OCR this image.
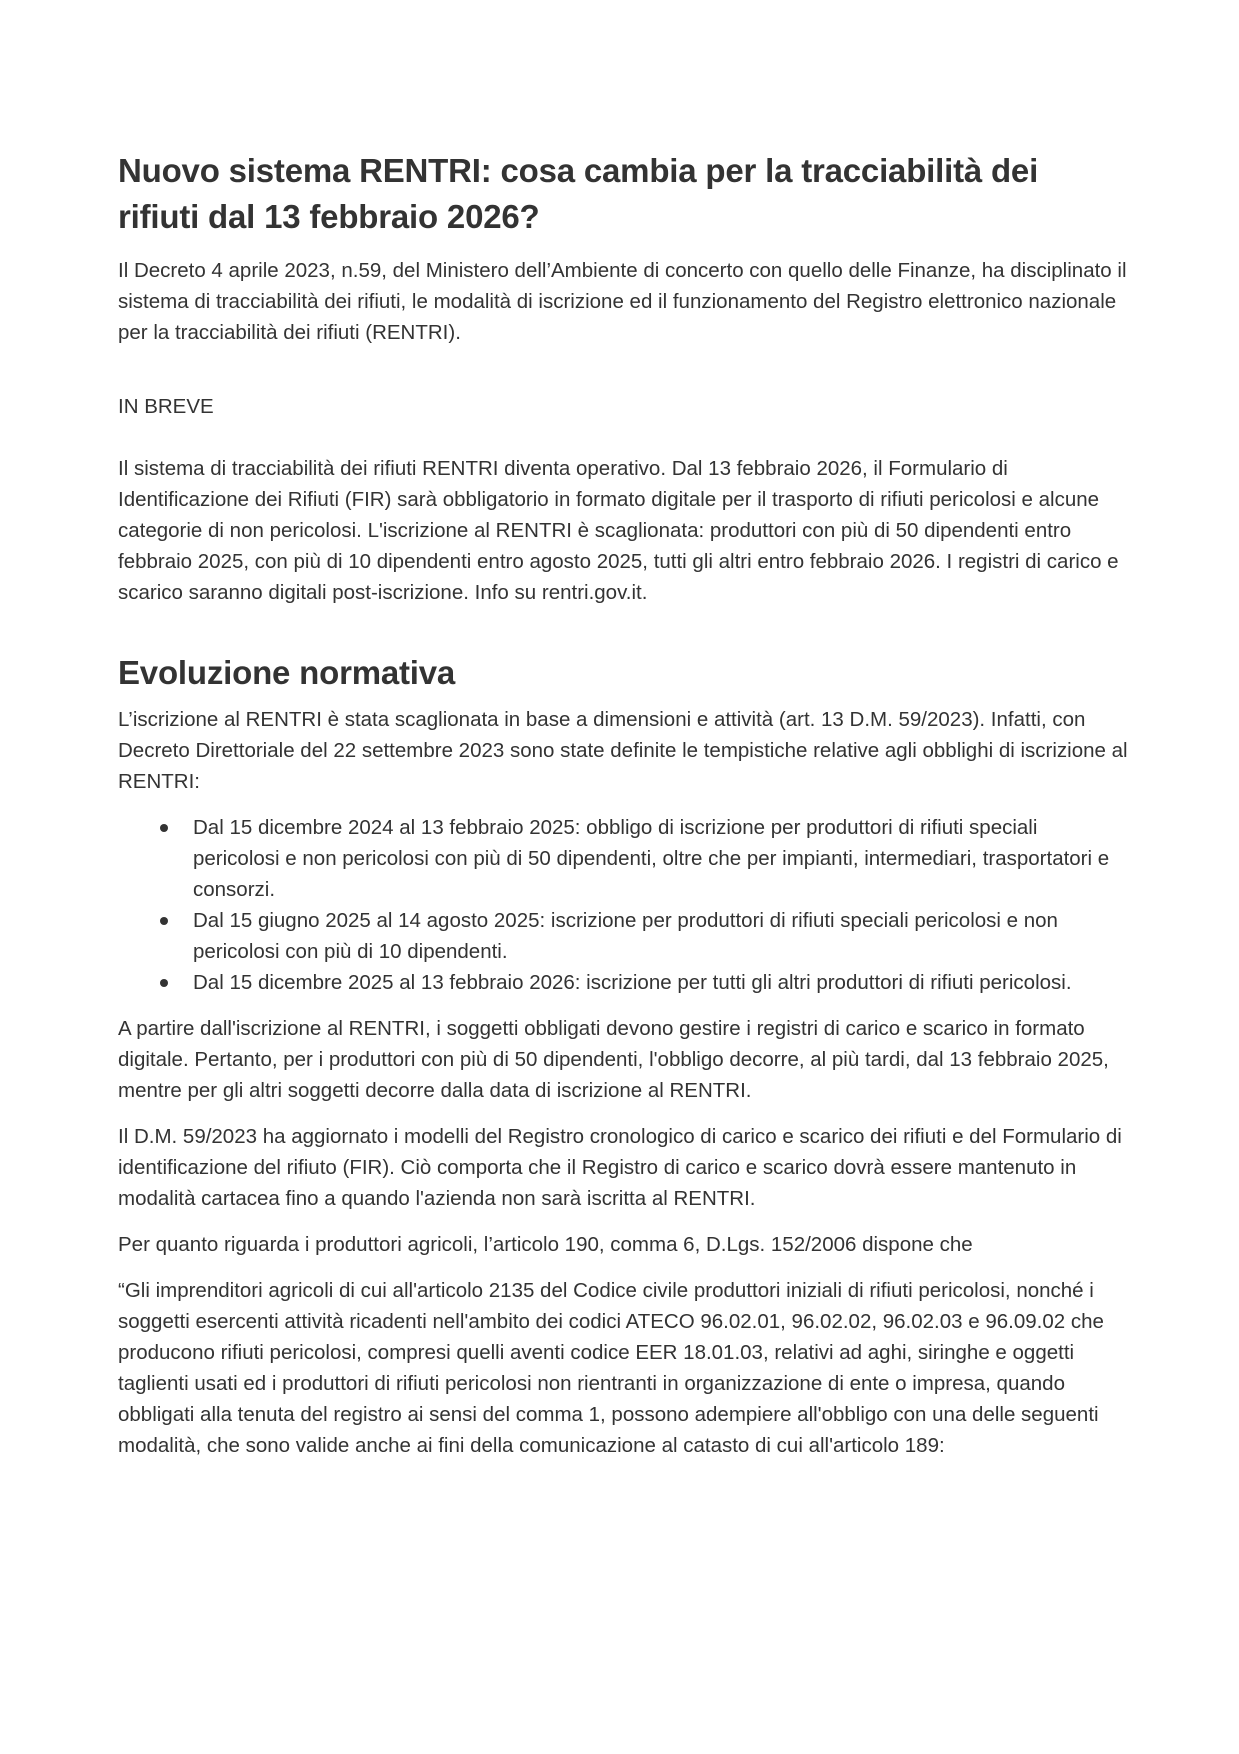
Nuovo sistema RENTRI: cosa cambia per la tracciabilità dei rifiuti dal 13 febbraio 2026?

Il Decreto 4 aprile 2023, n.59, del Ministero dell’Ambiente di concerto con quello delle Finanze, ha disciplinato il sistema di tracciabilità dei rifiuti, le modalità di iscrizione ed il funzionamento del Registro elettronico nazionale per la tracciabilità dei rifiuti (RENTRI).

IN BREVE

Il sistema di tracciabilità dei rifiuti RENTRI diventa operativo. Dal 13 febbraio 2026, il Formulario di Identificazione dei Rifiuti (FIR) sarà obbligatorio in formato digitale per il trasporto di rifiuti pericolosi e alcune categorie di non pericolosi. L'iscrizione al RENTRI è scaglionata: produttori con più di 50 dipendenti entro febbraio 2025, con più di 10 dipendenti entro agosto 2025, tutti gli altri entro febbraio 2026. I registri di carico e scarico saranno digitali post-iscrizione. Info su rentri.gov.it.

Evoluzione normativa

L’iscrizione al RENTRI è stata scaglionata in base a dimensioni e attività (art. 13 D.M. 59/2023). Infatti, con Decreto Direttoriale del 22 settembre 2023 sono state definite le tempistiche relative agli obblighi di iscrizione al RENTRI:

Dal 15 dicembre 2024 al 13 febbraio 2025: obbligo di iscrizione per produttori di rifiuti speciali pericolosi e non pericolosi con più di 50 dipendenti, oltre che per impianti, intermediari, trasportatori e consorzi.
Dal 15 giugno 2025 al 14 agosto 2025: iscrizione per produttori di rifiuti speciali pericolosi e non pericolosi con più di 10 dipendenti.
Dal 15 dicembre 2025 al 13 febbraio 2026: iscrizione per tutti gli altri produttori di rifiuti pericolosi.

A partire dall'iscrizione al RENTRI, i soggetti obbligati devono gestire i registri di carico e scarico in formato digitale. Pertanto, per i produttori con più di 50 dipendenti, l'obbligo decorre, al più tardi, dal 13 febbraio 2025, mentre per gli altri soggetti decorre dalla data di iscrizione al RENTRI.

Il D.M. 59/2023 ha aggiornato i modelli del Registro cronologico di carico e scarico dei rifiuti e del Formulario di identificazione del rifiuto (FIR). Ciò comporta che il Registro di carico e scarico dovrà essere mantenuto in modalità cartacea fino a quando l'azienda non sarà iscritta al RENTRI.

Per quanto riguarda i produttori agricoli, l’articolo 190, comma 6, D.Lgs. 152/2006 dispone che

“Gli imprenditori agricoli di cui all'articolo 2135 del Codice civile produttori iniziali di rifiuti pericolosi, nonché i soggetti esercenti attività ricadenti nell'ambito dei codici ATECO 96.02.01, 96.02.02, 96.02.03 e 96.09.02 che producono rifiuti pericolosi, compresi quelli aventi codice EER 18.01.03, relativi ad aghi, siringhe e oggetti taglienti usati ed i produttori di rifiuti pericolosi non rientranti in organizzazione di ente o impresa, quando obbligati alla tenuta del registro ai sensi del comma 1, possono adempiere all'obbligo con una delle seguenti modalità, che sono valide anche ai fini della comunicazione al catasto di cui all'articolo 189:
